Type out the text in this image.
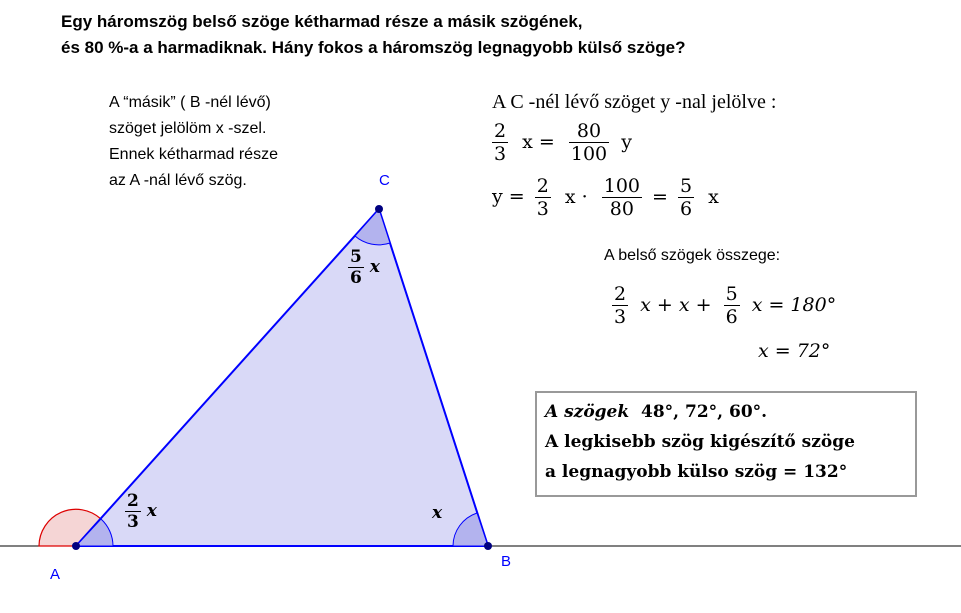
Egy háromszög belső szöge kétharmad része a másik szögének,
és 80 %-a a harmadiknak. Hány fokos a háromszög legnagyobb külső szöge?
A
B
C
$\frac{2}{3}$ x	x
$\frac{5}{6}$ x
A “másik” ( B -nél lévő)
szöget jelölöm x -szel.
Ennek kétharmad része
az A -nál lévő szög.
A C -nél lévő szöget y -nal jelölve :
$\frac{2}{3}$ $x = \frac{80}{100}$ y
$y = \frac{2}{3}$ $x \cdot \frac{100}{80} = \frac{5}{6}$ x
A belső szögek összege:
$\frac{2}{3}$ $x + x + \frac{5}{6}$ x = 180°
x = 72°
A szögek 48°, 72°, 60°.
A legkisebb szög kigészítő szöge
a legnagyobb külso szög = 132°
